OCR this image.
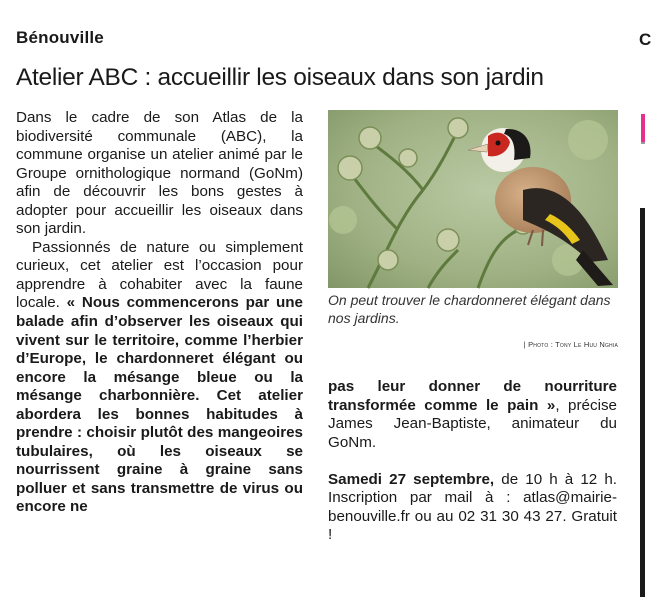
Bénouville
Atelier ABC : accueillir les oiseaux dans son jardin

Dans le cadre de son Atlas de la biodiversité communale (ABC), la commune organise un atelier animé par le Groupe ornithologique normand (GoNm) afin de découvrir les bons gestes à adopter pour accueillir les oiseaux dans son jardin.

Passionnés de nature ou simplement curieux, cet atelier est l’occasion pour apprendre à cohabiter avec la faune locale. « Nous commencerons par une balade afin d’observer les oiseaux qui vivent sur le territoire, comme l’herbier d’Europe, le chardonneret élégant ou encore la mésange bleue ou la mésange charbonnière. Cet atelier abordera les bonnes habitudes à prendre : choisir plutôt des mangeoires tubulaires, où les oiseaux se nourrissent graine à graine sans polluer et sans transmettre de virus ou encore ne

On peut trouver le chardonneret élégant dans nos jardins.
| Photo : Tony Le Huu Nghia

pas leur donner de nourriture transformée comme le pain », précise James Jean-Baptiste, animateur du GoNm.

Samedi 27 septembre, de 10 h à 12 h. Inscription par mail à : atlas@mairie-benouville.fr ou au 02 31 30 43 27. Gratuit !

C
